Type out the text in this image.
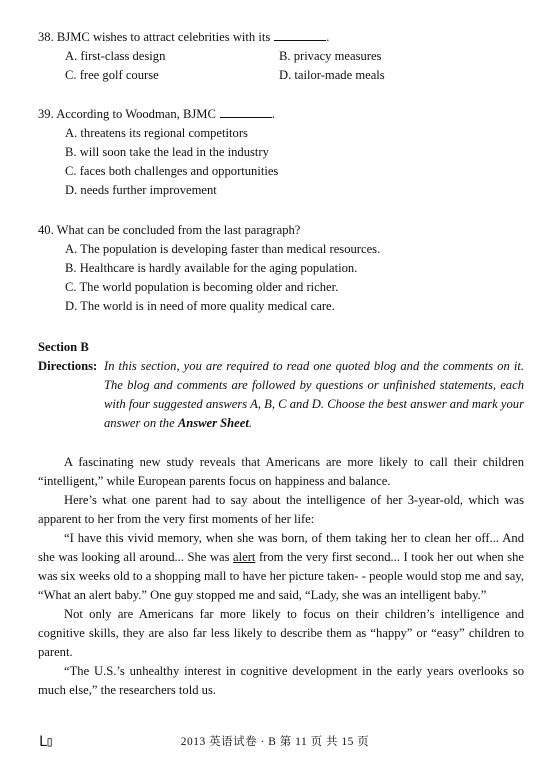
38. BJMC wishes to attract celebrities with its	.
A. first-class design	B. privacy measures
C. free golf course	D. tailor-made meals
39. According to Woodman, BJMC	.
A. threatens its regional competitors
B. will soon take the lead in the industry
C. faces both challenges and opportunities
D. needs further improvement
40. What can be concluded from the last paragraph?
A. The population is developing faster than medical resources.
B. Healthcare is hardly available for the aging population.
C. The world population is becoming older and richer.
D. The world is in need of more quality medical care.
Section B
Directions: In this section, you are required to read one quoted blog and the comments on it. The blog and comments are followed by questions or unfinished statements, each with four suggested answers A, B, C and D. Choose the best answer and mark your answer on the Answer Sheet.

A fascinating new study reveals that Americans are more likely to call their children “intelligent,” while European parents focus on happiness and balance.

Here’s what one parent had to say about the intelligence of her 3-year-old, which was apparent to her from the very first moments of her life:

“I have this vivid memory, when she was born, of them taking her to clean her off... And she was looking all around... She was alert from the very first second... I took her out when she was six weeks old to a shopping mall to have her picture taken- - people would stop me and say, “What an alert baby.” One guy stopped me and said, “Lady, she was an intelligent baby.”

Not only are Americans far more likely to focus on their children’s intelligence and cognitive skills, they are also far less likely to describe them as “happy” or “easy” children to parent.

“The U.S.’s unhealthy interest in cognitive development in the early years overlooks so much else,” the researchers told us.

L▯	2013 英语试卷 · B 第 11 页 共 15 页
